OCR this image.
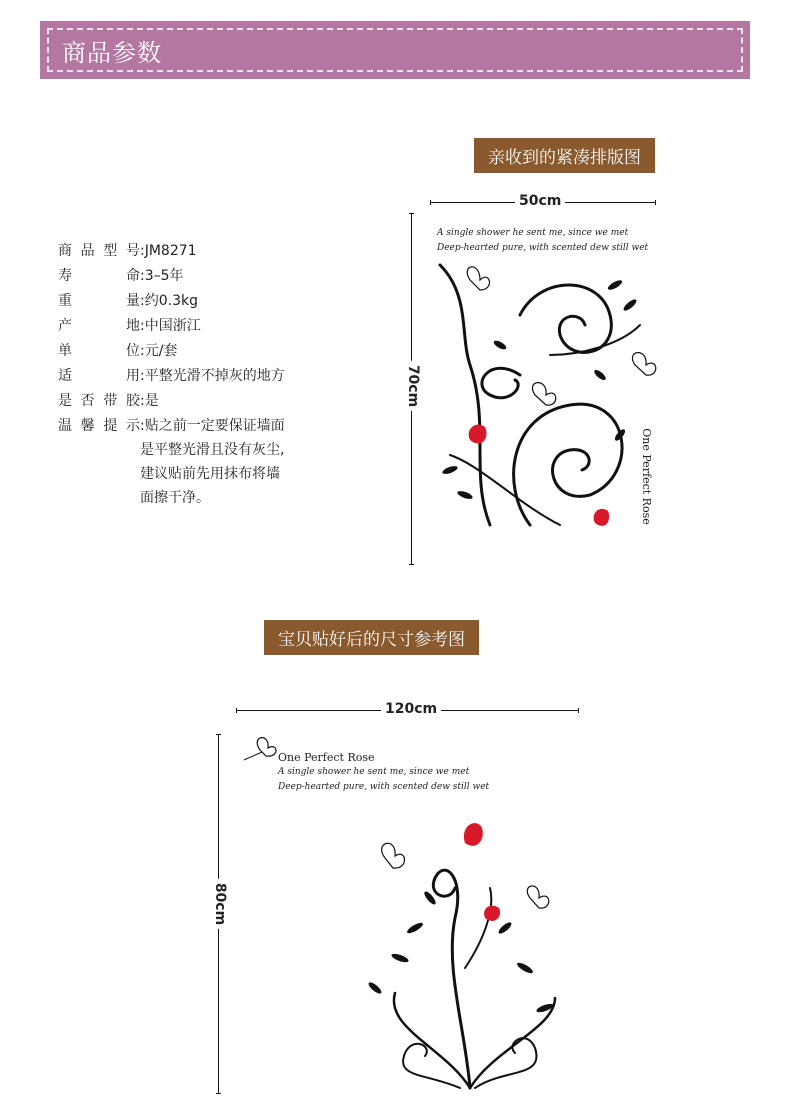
商品参数
亲收到的紧凑排版图
商品型号:JM8271
寿命:3–5年
重量:约0.3kg
产地:中国浙江
单位:元/套
适用:平整光滑不掉灰的地方
是否带胶:是
温馨提示:贴之前一定要保证墙面
是平整光滑且没有灰尘,
建议贴前先用抹布将墙
面擦干净。
50cm
70cm
A single shower he sent me, since we met
Deep-hearted pure, with scented dew still wet
One Perfect Rose
宝贝贴好后的尺寸参考图
120cm
80cm
One Perfect Rose
A single shower he sent me, since we met
Deep-hearted pure, with scented dew still wet
